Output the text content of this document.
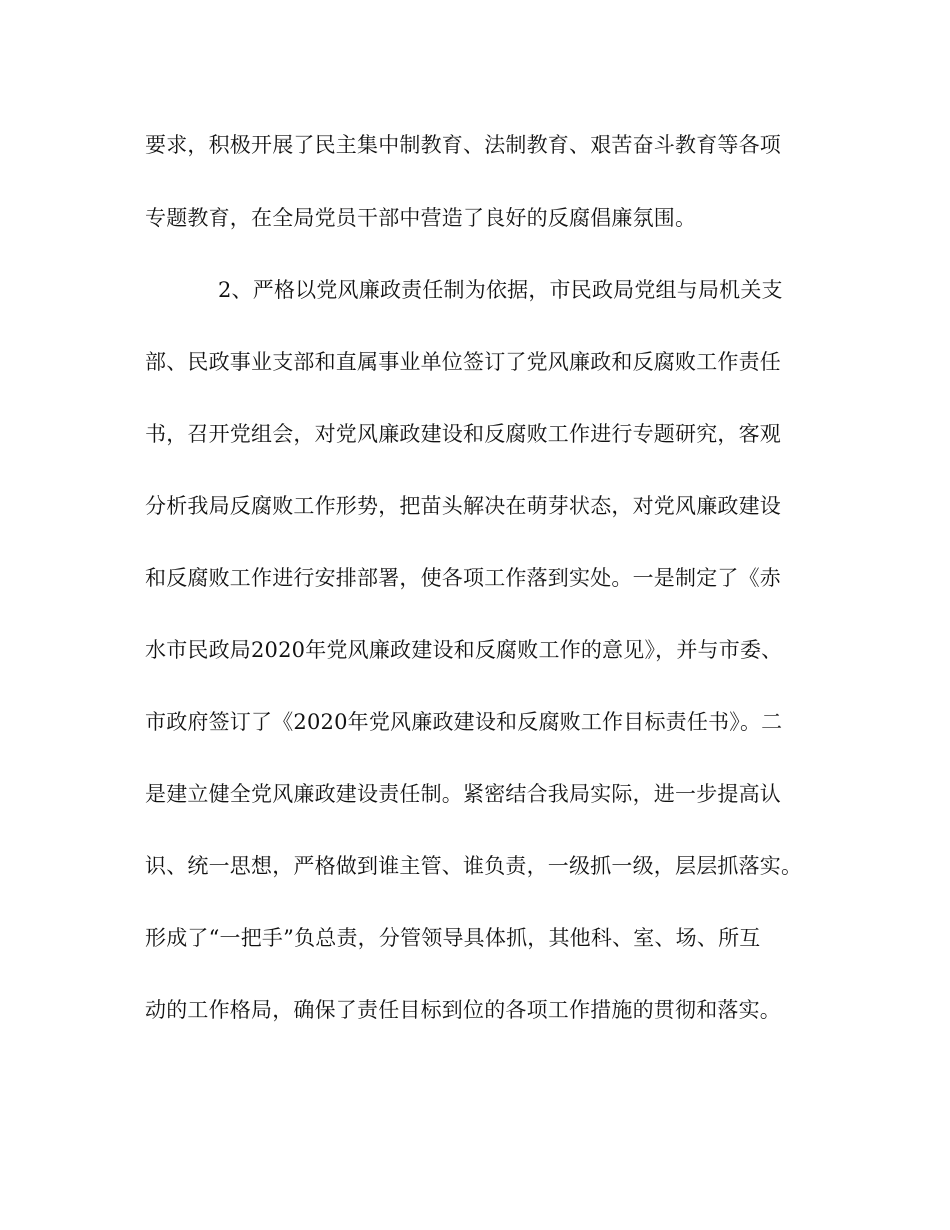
要求，积极开展了民主集中制教育、法制教育、艰苦奋斗教育等各项
专题教育，在全局党员干部中营造了良好的反腐倡廉氛围。
2、严格以党风廉政责任制为依据，市民政局党组与局机关支
部、民政事业支部和直属事业单位签订了党风廉政和反腐败工作责任
书，召开党组会，对党风廉政建设和反腐败工作进行专题研究，客观
分析我局反腐败工作形势，把苗头解决在萌芽状态，对党风廉政建设
和反腐败工作进行安排部署，使各项工作落到实处。一是制定了《赤
水市民政局2020年党风廉政建设和反腐败工作的意见》，并与市委、
市政府签订了《2020年党风廉政建设和反腐败工作目标责任书》。二
是建立健全党风廉政建设责任制。紧密结合我局实际，进一步提高认
识、统一思想，严格做到谁主管、谁负责，一级抓一级，层层抓落实。
形成了“一把手”负总责，分管领导具体抓，其他科、室、场、所互
动的工作格局，确保了责任目标到位的各项工作措施的贯彻和落实。
